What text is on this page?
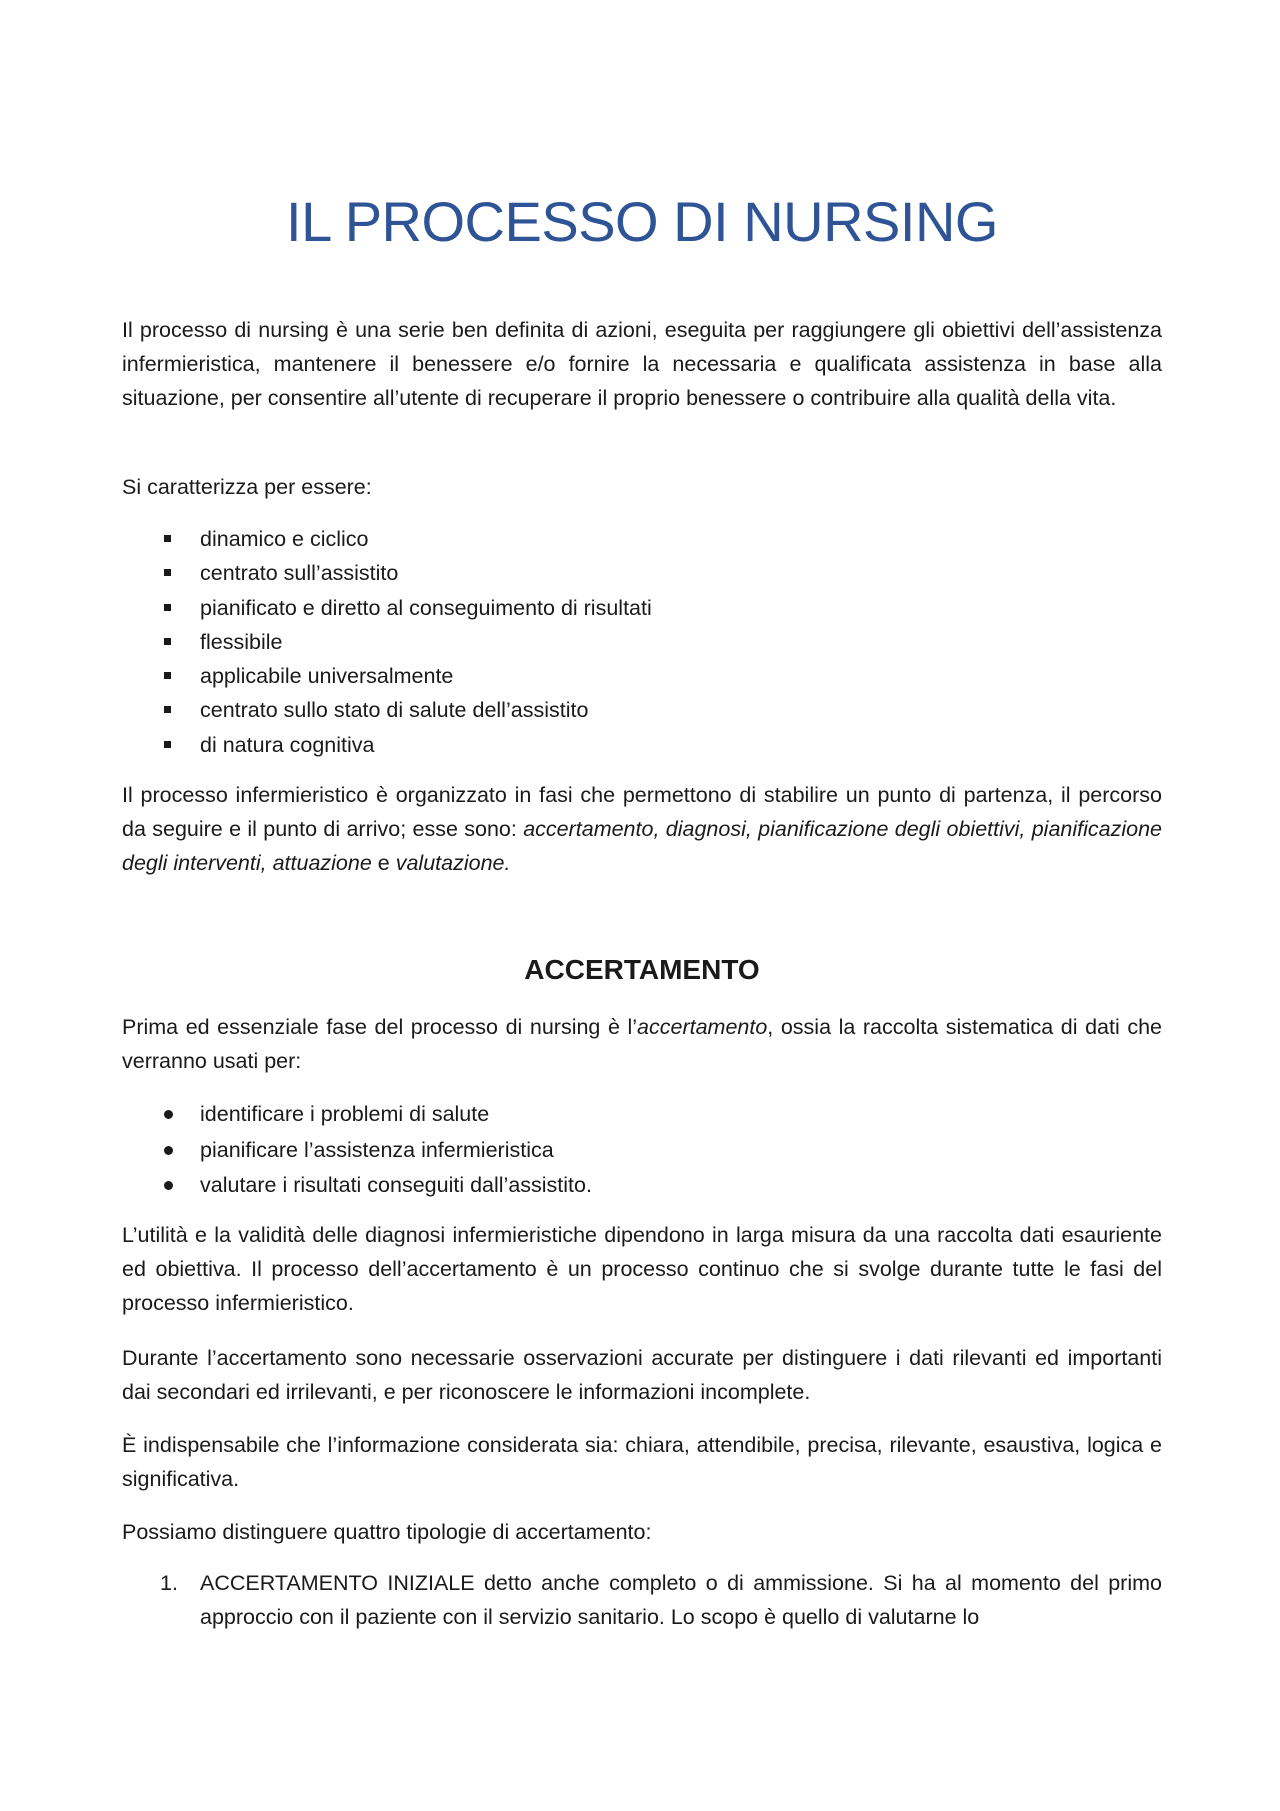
IL PROCESSO DI NURSING

Il processo di nursing è una serie ben definita di azioni, eseguita per raggiungere gli obiettivi dell’assistenza infermieristica, mantenere il benessere e/o fornire la necessaria e qualificata assistenza in base alla situazione, per consentire all’utente di recuperare il proprio benessere o contribuire alla qualità della vita.

Si caratterizza per essere:

dinamico e ciclico
centrato sull’assistito
pianificato e diretto al conseguimento di risultati
flessibile
applicabile universalmente
centrato sullo stato di salute dell’assistito
di natura cognitiva

Il processo infermieristico è organizzato in fasi che permettono di stabilire un punto di partenza, il percorso da seguire e il punto di arrivo; esse sono: accertamento, diagnosi, pianificazione degli obiettivi, pianificazione degli interventi, attuazione e valutazione.

ACCERTAMENTO

Prima ed essenziale fase del processo di nursing è l’accertamento, ossia la raccolta sistematica di dati che verranno usati per:

identificare i problemi di salute
pianificare l’assistenza infermieristica
valutare i risultati conseguiti dall’assistito.

L’utilità e la validità delle diagnosi infermieristiche dipendono in larga misura da una raccolta dati esauriente ed obiettiva. Il processo dell’accertamento è un processo continuo che si svolge durante tutte le fasi del processo infermieristico.

Durante l’accertamento sono necessarie osservazioni accurate per distinguere i dati rilevanti ed importanti dai secondari ed irrilevanti, e per riconoscere le informazioni incomplete.

È indispensabile che l’informazione considerata sia: chiara, attendibile, precisa, rilevante, esaustiva, logica e significativa.

Possiamo distinguere quattro tipologie di accertamento:

1. ACCERTAMENTO INIZIALE detto anche completo o di ammissione. Si ha al momento del primo approccio con il paziente con il servizio sanitario. Lo scopo è quello di valutarne lo
